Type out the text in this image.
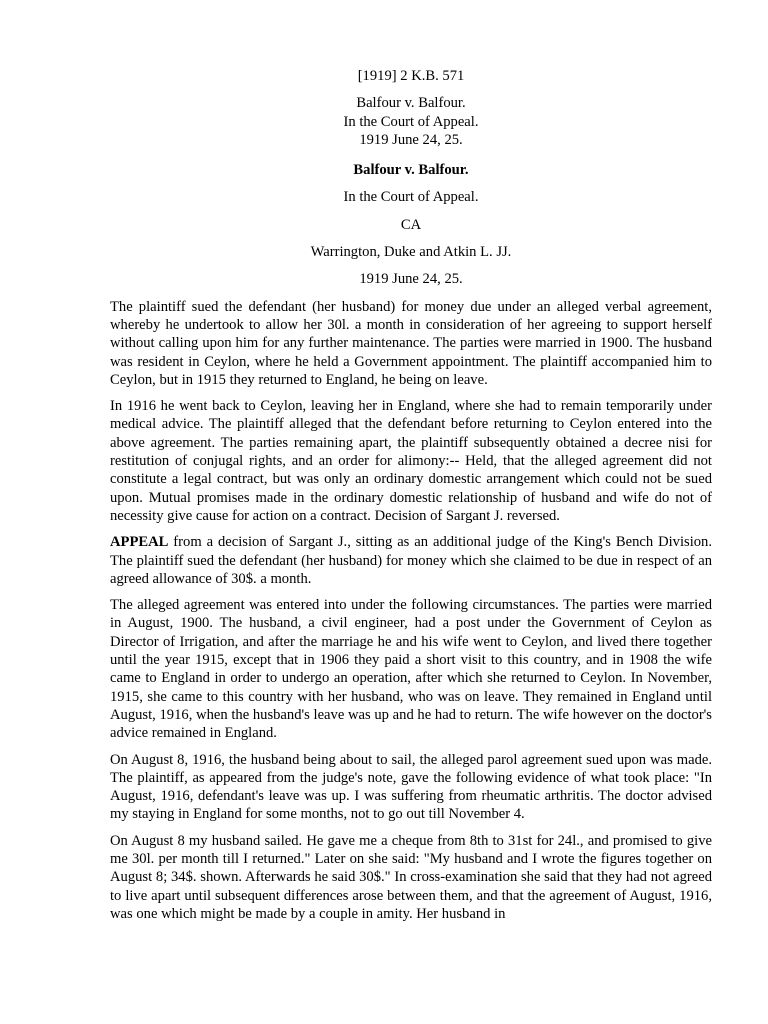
[1919] 2 K.B. 571

Balfour v. Balfour.

In the Court of Appeal.

1919 June 24, 25.

Balfour v. Balfour.

In the Court of Appeal.

CA

Warrington, Duke and Atkin L. JJ.

1919 June 24, 25.

The plaintiff sued the defendant (her husband) for money due under an alleged verbal agreement, whereby he undertook to allow her 30l. a month in consideration of her agreeing to support herself without calling upon him for any further maintenance. The parties were married in 1900. The husband was resident in Ceylon, where he held a Government appointment. The plaintiff accompanied him to Ceylon, but in 1915 they returned to England, he being on leave.

In 1916 he went back to Ceylon, leaving her in England, where she had to remain temporarily under medical advice. The plaintiff alleged that the defendant before returning to Ceylon entered into the above agreement. The parties remaining apart, the plaintiff subsequently obtained a decree nisi for restitution of conjugal rights, and an order for alimony:-- Held, that the alleged agreement did not constitute a legal contract, but was only an ordinary domestic arrangement which could not be sued upon. Mutual promises made in the ordinary domestic relationship of husband and wife do not of necessity give cause for action on a contract. Decision of Sargant J. reversed.

APPEAL from a decision of Sargant J., sitting as an additional judge of the King's Bench Division. The plaintiff sued the defendant (her husband) for money which she claimed to be due in respect of an agreed allowance of 30$. a month.

The alleged agreement was entered into under the following circumstances. The parties were married in August, 1900. The husband, a civil engineer, had a post under the Government of Ceylon as Director of Irrigation, and after the marriage he and his wife went to Ceylon, and lived there together until the year 1915, except that in 1906 they paid a short visit to this country, and in 1908 the wife came to England in order to undergo an operation, after which she returned to Ceylon. In November, 1915, she came to this country with her husband, who was on leave. They remained in England until August, 1916, when the husband's leave was up and he had to return. The wife however on the doctor's advice remained in England.

On August 8, 1916, the husband being about to sail, the alleged parol agreement sued upon was made. The plaintiff, as appeared from the judge's note, gave the following evidence of what took place: "In August, 1916, defendant's leave was up. I was suffering from rheumatic arthritis. The doctor advised my staying in England for some months, not to go out till November 4.

On August 8 my husband sailed. He gave me a cheque from 8th to 31st for 24l., and promised to give me 30l. per month till I returned." Later on she said: "My husband and I wrote the figures together on August 8; 34$. shown. Afterwards he said 30$." In cross-examination she said that they had not agreed to live apart until subsequent differences arose between them, and that the agreement of August, 1916, was one which might be made by a couple in amity. Her husband in
